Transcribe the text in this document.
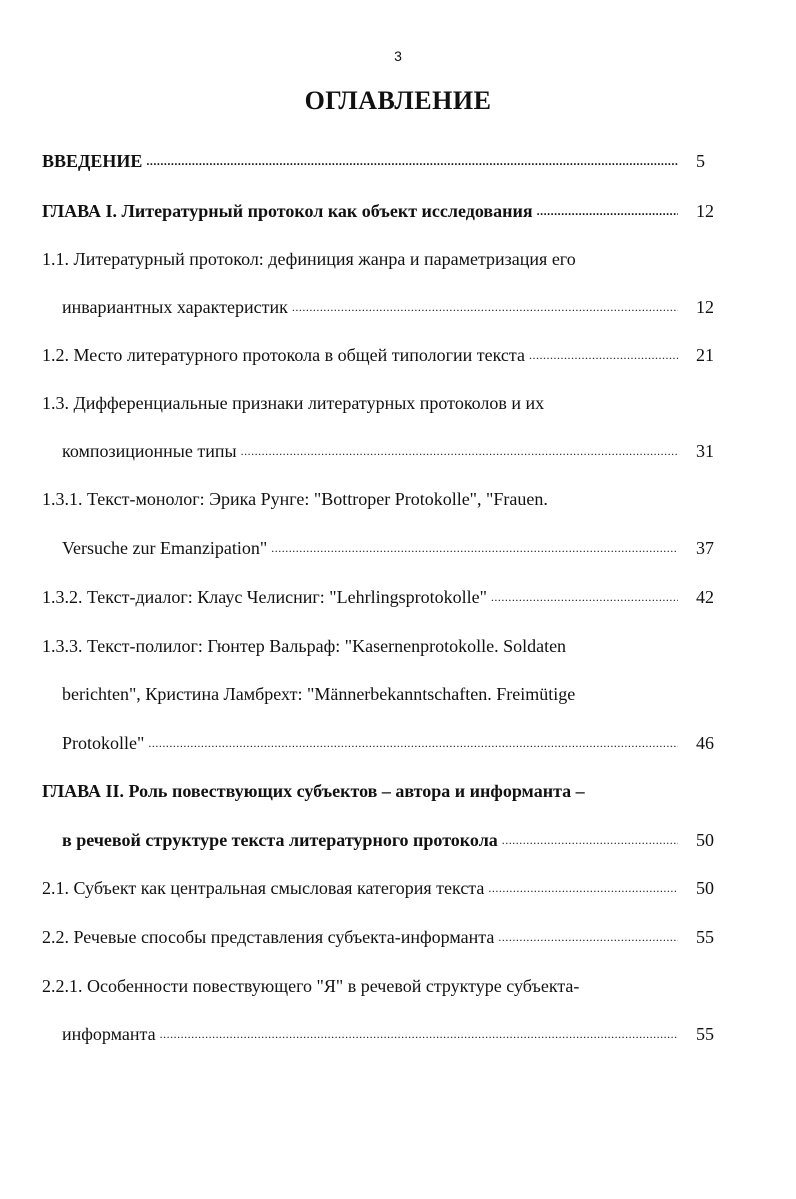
3
ОГЛАВЛЕНИЕ
ВВЕДЕНИЕ .....	5
ГЛАВА I. Литературный протокол как объект исследования .....	12
1.1. Литературный протокол: дефиниция жанра и параметризация его
инвариантных характеристик .....	12
1.2. Место литературного протокола в общей типологии текста .....	21
1.3. Дифференциальные признаки литературных протоколов и их
композиционные типы .....	31
1.3.1. Текст-монолог: Эрика Рунге: "Bottroper Protokolle", "Frauen.
Versuche zur Emanzipation" .....	37
1.3.2. Текст-диалог: Клаус Челисниг: "Lehrlingsprotokolle" .....	42
1.3.3. Текст-полилог: Гюнтер Вальраф: "Kasernenprotokolle. Soldaten
berichten", Кристина Ламбрехт: "Männerbekanntschaften. Freimütige
Protokolle" .....	46
ГЛАВА II. Роль повествующих субъектов – автора и информанта –
в речевой структуре текста литературного протокола .....	50
2.1. Субъект как центральная смысловая категория текста .....	50
2.2. Речевые способы представления субъекта-информанта .....	55
2.2.1. Особенности повествующего "Я" в речевой структуре субъекта-
информанта .....	55
